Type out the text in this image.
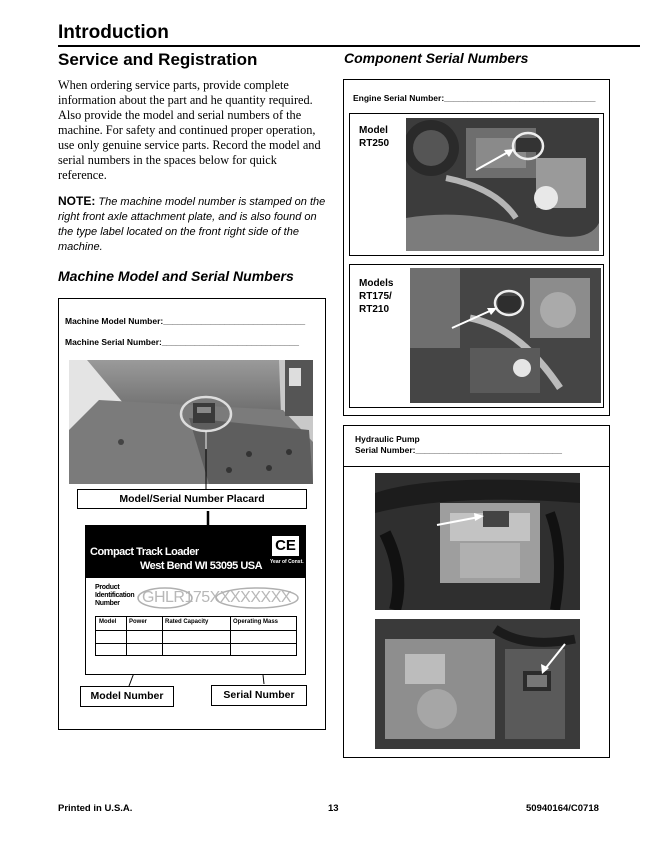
Introduction
Service and Registration
When ordering service parts, provide complete information about the part and he quantity required. Also provide the model and serial numbers of the machine. For safety and continued proper operation, use only genuine service parts. Record the model and serial numbers in the spaces below for quick reference.
NOTE: The machine model number is stamped on the right front axle attachment plate, and is also found on the type label located on the front right side of the machine.
Machine Model and Serial Numbers
Machine Model Number:______________________________
Machine Serial Number:_____________________________
Model/Serial Number Placard
Compact Track Loader
West Bend WI 53095 USA
CE
Year of Const.
Product
Identification
Number	GHLR175XXXXXXXX
Model Power	Rated Capacity	Operating Mass
Model Number	Serial Number
Component Serial Numbers
Engine Serial Number:________________________________
Model
RT250
Models
RT175/
RT210
Hydraulic Pump
Serial Number:_______________________________
Printed in U.S.A.	13	50940164/C0718
